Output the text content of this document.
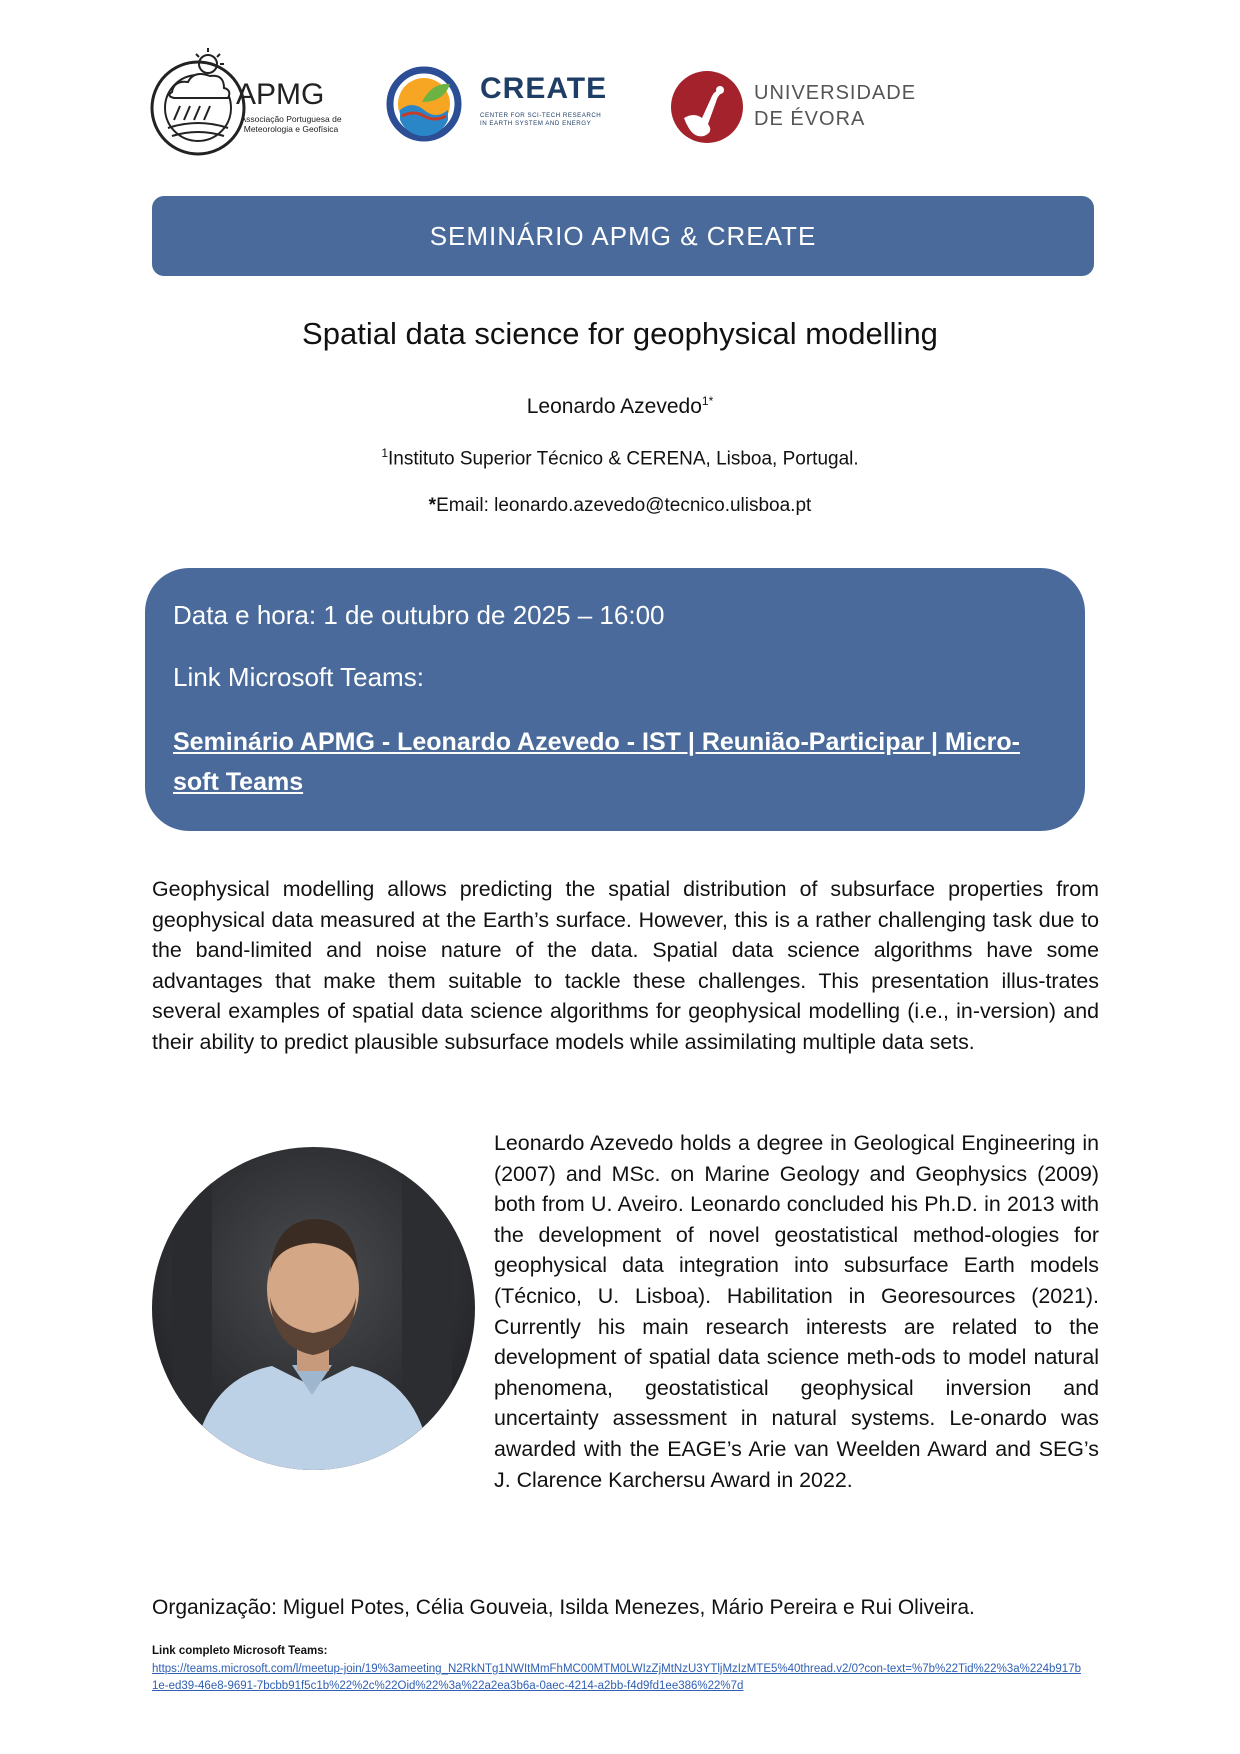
APMG
Associação Portuguesa de Meteorologia e Geofísica
CREATE
CENTER FOR SCI-TECH RESEARCH IN EARTH SYSTEM AND ENERGY
UNIVERSIDADE
DE ÉVORA
SEMINÁRIO APMG & CREATE
Spatial data science for geophysical modelling
Leonardo Azevedo$^{1*}$
$^1$Instituto Superior Técnico & CERENA, Lisboa, Portugal.
*Email: leonardo.azevedo@tecnico.ulisboa.pt
Data e hora: 1 de outubro de 2025 – 16:00
Link Microsoft Teams:
Seminário APMG - Leonardo Azevedo - IST | Reunião-Participar | Micro-soft Teams
Geophysical modelling allows predicting the spatial distribution of subsurface properties from geophysical data measured at the Earth’s surface. However, this is a rather challenging task due to the band-limited and noise nature of the data. Spatial data science algorithms have some advantages that make them suitable to tackle these challenges. This presentation illus-trates several examples of spatial data science algorithms for geophysical modelling (i.e., in-version) and their ability to predict plausible subsurface models while assimilating multiple data sets.
Leonardo Azevedo holds a degree in Geological Engineering in (2007) and MSc. on Marine Geology and Geophysics (2009) both from U. Aveiro. Leonardo concluded his Ph.D. in 2013 with the development of novel geostatistical method-ologies for geophysical data integration into subsurface Earth models (Técnico, U. Lisboa). Habilitation in Georesources (2021). Currently his main research interests are related to the development of spatial data science meth-ods to model natural phenomena, geostatistical geophysical inversion and uncertainty assessment in natural systems. Le-onardo was awarded with the EAGE’s Arie van Weelden Award and SEG’s J. Clarence Karchersu Award in 2022.
Organização: Miguel Potes, Célia Gouveia, Isilda Menezes, Mário Pereira e Rui Oliveira.
Link completo Microsoft Teams:
https://teams.microsoft.com/l/meetup-join/19%3ameeting_N2RkNTg1NWItMmFhMC00MTM0LWIzZjMtNzU3YTljMzIzMTE5%40thread.v2/0?con-text=%7b%22Tid%22%3a%224b917b1e-ed39-46e8-9691-7bcbb91f5c1b%22%2c%22Oid%22%3a%22a2ea3b6a-0aec-4214-a2bb-f4d9fd1ee386%22%7d
